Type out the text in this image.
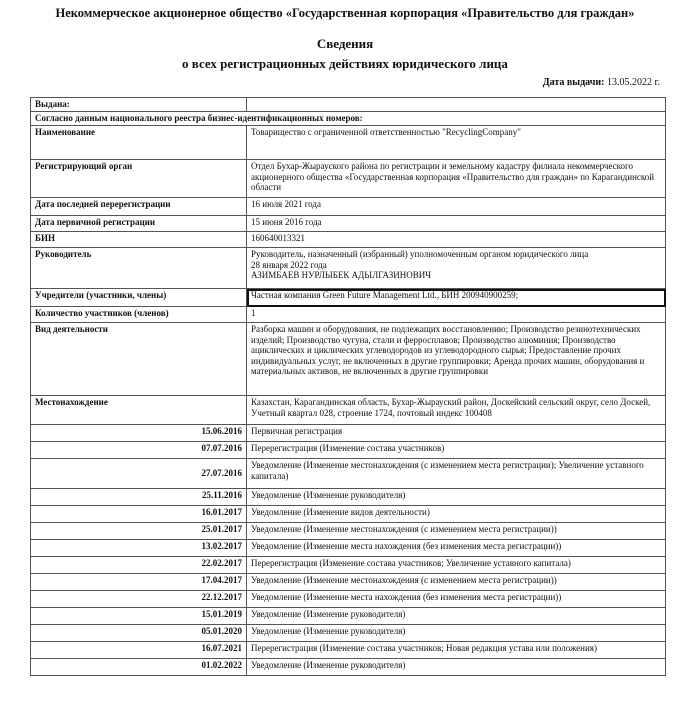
Некоммерческое акционерное общество «Государственная корпорация «Правительство для граждан»
Сведения
о всех регистрационных действиях юридического лица
Дата выдачи: 13.05.2022 г.
Выдана:	
Согласно данным национального реестра бизнес-идентификационных номеров:	
Наименование	Товарищество с ограниченной ответственностью "RecyclingCompany"
Регистрирующий орган	Отдел Бухар-Жырауского района по регистрации и земельному кадастру филиала некоммерческого акционерного общества «Государственная корпорация «Правительство для граждан» по Карагандинской области
Дата последней перерегистрации	16 июля 2021 года
Дата первичной регистрации	15 июня 2016 года
БИН	160640013321
Руководитель	Руководитель, назначенный (избранный) уполномоченным органом юридического лица
28 января 2022 года
АЗИМБАЕВ НУРЛЫБЕК АДЫЛГАЗИНОВИЧ

Учредители (участники, члены)	Частная компания Green Future Management Ltd., БИН 200940900259;
Количество участников (членов)	1
Вид деятельности	Разборка машин и оборудования, не подлежащих восстановлению; Производство резинотехнических изделий; Производство чугуна, стали и ферросплавов; Производство алюминия; Производство ациклических и циклических углеводородов из углеводородного сырья; Предоставление прочих индивидуальных услуг, не включенных в другие группировки; Аренда прочих машин, оборудования и материальных активов, не включенных в другие группировки
Местонахождение	Казахстан, Карагандинская область, Бухар-Жырауский район, Доскейский сельский округ, село Доскей, Учетный квартал 028, строение 1724, почтовый индекс 100408
15.06.2016	Первичная регистрация
07.07.2016	Перерегистрация (Изменение состава участников)
27.07.2016	Уведомление (Изменение местонахождения (с изменением места регистрации); Увеличение уставного капитала)
25.11.2016	Уведомление (Изменение руководителя)
16.01.2017	Уведомление (Изменение видов деятельности)
25.01.2017	Уведомление (Изменение местонахождения (с изменением места регистрации))
13.02.2017	Уведомление (Изменение места нахождения (без изменения места регистрации))
22.02.2017	Перерегистрация (Изменение состава участников; Увеличение уставного капитала)
17.04.2017	Уведомление (Изменение местонахождения (с изменением места регистрации))
22.12.2017	Уведомление (Изменение места нахождения (без изменения места регистрации))
15.01.2019	Уведомление (Изменение руководителя)
05.01.2020	Уведомление (Изменение руководителя)
16.07.2021	Перерегистрация (Изменение состава участников; Новая редакция устава или положения)
01.02.2022	Уведомление (Изменение руководителя)
